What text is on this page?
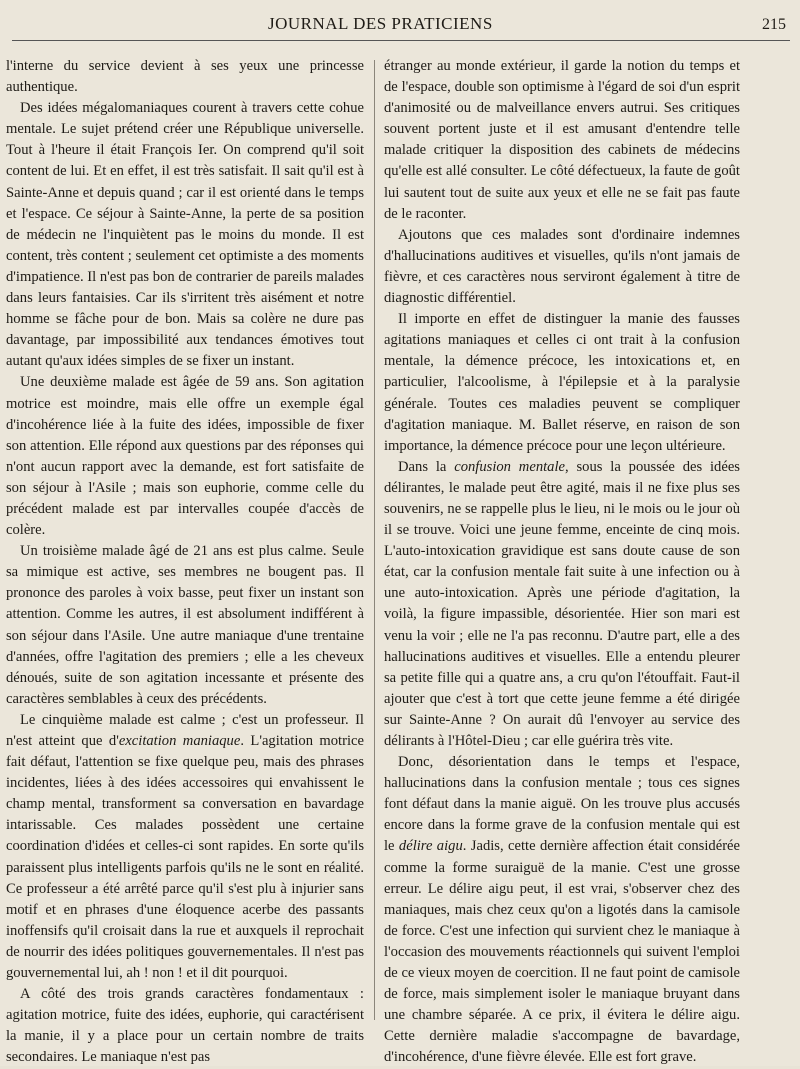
JOURNAL DES PRATICIENS	215

l'interne du service devient à ses yeux une princesse authentique.

Des idées mégalomaniaques courent à travers cette cohue mentale. Le sujet prétend créer une République universelle. Tout à l'heure il était François Ier. On comprend qu'il soit content de lui. Et en effet, il est très satisfait. Il sait qu'il est à Sainte-Anne et depuis quand ; car il est orienté dans le temps et l'espace. Ce séjour à Sainte-Anne, la perte de sa position de médecin ne l'inquiètent pas le moins du monde. Il est content, très content ; seulement cet optimiste a des moments d'impatience. Il n'est pas bon de contrarier de pareils malades dans leurs fantaisies. Car ils s'irritent très aisément et notre homme se fâche pour de bon. Mais sa colère ne dure pas davantage, par impossibilité aux tendances émotives tout autant qu'aux idées simples de se fixer un instant.

Une deuxième malade est âgée de 59 ans. Son agitation motrice est moindre, mais elle offre un exemple égal d'incohérence liée à la fuite des idées, impossible de fixer son attention. Elle répond aux questions par des réponses qui n'ont aucun rapport avec la demande, est fort satisfaite de son séjour à l'Asile ; mais son euphorie, comme celle du précédent malade est par intervalles coupée d'accès de colère.

Un troisième malade âgé de 21 ans est plus calme. Seule sa mimique est active, ses membres ne bougent pas. Il prononce des paroles à voix basse, peut fixer un instant son attention. Comme les autres, il est absolument indifférent à son séjour dans l'Asile. Une autre maniaque d'une trentaine d'années, offre l'agitation des premiers ; elle a les cheveux dénoués, suite de son agitation incessante et présente des caractères semblables à ceux des précédents.

Le cinquième malade est calme ; c'est un professeur. Il n'est atteint que d'excitation maniaque. L'agitation motrice fait défaut, l'attention se fixe quelque peu, mais des phrases incidentes, liées à des idées accessoires qui envahissent le champ mental, transforment sa conversation en bavardage intarissable. Ces malades possèdent une certaine coordination d'idées et celles-ci sont rapides. En sorte qu'ils paraissent plus intelligents parfois qu'ils ne le sont en réalité. Ce professeur a été arrêté parce qu'il s'est plu à injurier sans motif et en phrases d'une éloquence acerbe des passants inoffensifs qu'il croisait dans la rue et auxquels il reprochait de nourrir des idées politiques gouvernementales. Il n'est pas gouvernemental lui, ah ! non ! et il dit pourquoi.

A côté des trois grands caractères fondamentaux : agitation motrice, fuite des idées, euphorie, qui caractérisent la manie, il y a place pour un certain nombre de traits secondaires. Le maniaque n'est pas

étranger au monde extérieur, il garde la notion du temps et de l'espace, double son optimisme à l'égard de soi d'un esprit d'animosité ou de malveillance envers autrui. Ses critiques souvent portent juste et il est amusant d'entendre telle malade critiquer la disposition des cabinets de médecins qu'elle est allé consulter. Le côté défectueux, la faute de goût lui sautent tout de suite aux yeux et elle ne se fait pas faute de le raconter.

Ajoutons que ces malades sont d'ordinaire indemnes d'hallucinations auditives et visuelles, qu'ils n'ont jamais de fièvre, et ces caractères nous serviront également à titre de diagnostic différentiel.

Il importe en effet de distinguer la manie des fausses agitations maniaques et celles ci ont trait à la confusion mentale, la démence précoce, les intoxications et, en particulier, l'alcoolisme, à l'épilepsie et à la paralysie générale. Toutes ces maladies peuvent se compliquer d'agitation maniaque. M. Ballet réserve, en raison de son importance, la démence précoce pour une leçon ultérieure.

Dans la confusion mentale, sous la poussée des idées délirantes, le malade peut être agité, mais il ne fixe plus ses souvenirs, ne se rappelle plus le lieu, ni le mois ou le jour où il se trouve. Voici une jeune femme, enceinte de cinq mois. L'auto-intoxication gravidique est sans doute cause de son état, car la confusion mentale fait suite à une infection ou à une auto-intoxication. Après une période d'agitation, la voilà, la figure impassible, désorientée. Hier son mari est venu la voir ; elle ne l'a pas reconnu. D'autre part, elle a des hallucinations auditives et visuelles. Elle a entendu pleurer sa petite fille qui a quatre ans, a cru qu'on l'étouffait. Faut-il ajouter que c'est à tort que cette jeune femme a été dirigée sur Sainte-Anne ? On aurait dû l'envoyer au service des délirants à l'Hôtel-Dieu ; car elle guérira très vite.

Donc, désorientation dans le temps et l'espace, hallucinations dans la confusion mentale ; tous ces signes font défaut dans la manie aiguë. On les trouve plus accusés encore dans la forme grave de la confusion mentale qui est le délire aigu. Jadis, cette dernière affection était considérée comme la forme suraiguë de la manie. C'est une grosse erreur. Le délire aigu peut, il est vrai, s'observer chez des maniaques, mais chez ceux qu'on a ligotés dans la camisole de force. C'est une infection qui survient chez le maniaque à l'occasion des mouvements réactionnels qui suivent l'emploi de ce vieux moyen de coercition. Il ne faut point de camisole de force, mais simplement isoler le maniaque bruyant dans une chambre séparée. A ce prix, il évitera le délire aigu. Cette dernière maladie s'accompagne de bavardage, d'incohérence, d'une fièvre élevée. Elle est fort grave.
